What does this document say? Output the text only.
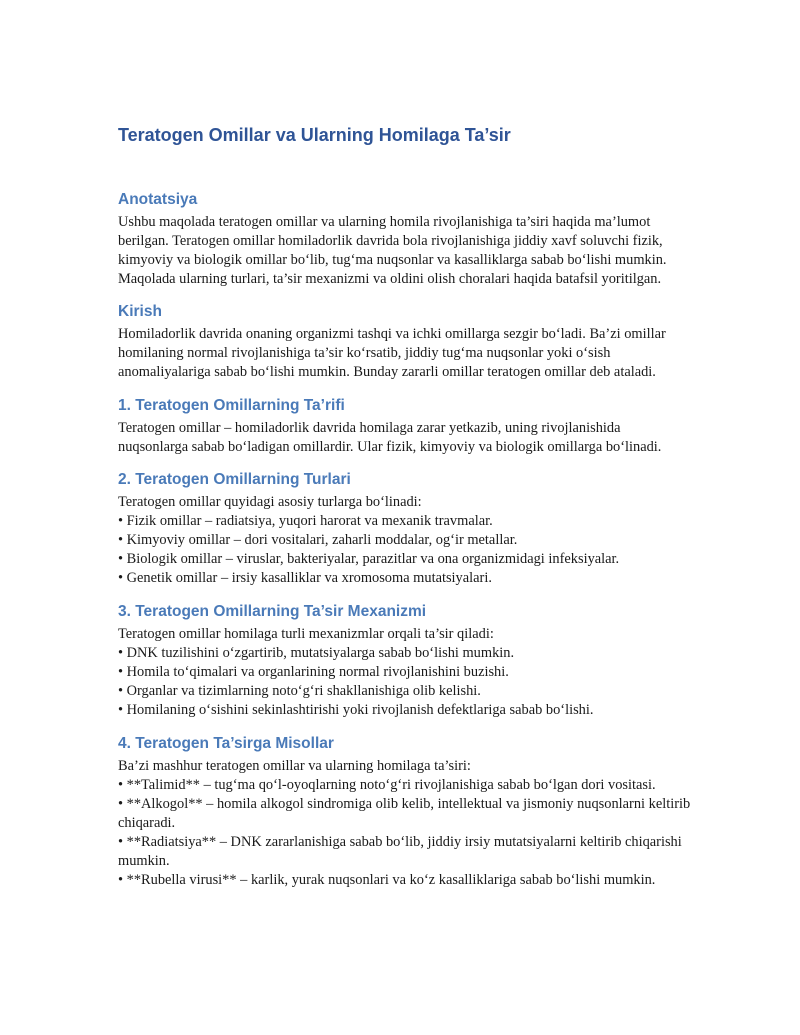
Teratogen Omillar va Ularning Homilaga Ta’sir
Anotatsiya

Ushbu maqolada teratogen omillar va ularning homila rivojlanishiga ta’siri haqida ma’lumot berilgan. Teratogen omillar homiladorlik davrida bola rivojlanishiga jiddiy xavf soluvchi fizik, kimyoviy va biologik omillar bo‘lib, tug‘ma nuqsonlar va kasalliklarga sabab bo‘lishi mumkin. Maqolada ularning turlari, ta’sir mexanizmi va oldini olish choralari haqida batafsil yoritilgan.

Kirish

Homiladorlik davrida onaning organizmi tashqi va ichki omillarga sezgir bo‘ladi. Ba’zi omillar homilaning normal rivojlanishiga ta’sir ko‘rsatib, jiddiy tug‘ma nuqsonlar yoki o‘sish anomaliyalariga sabab bo‘lishi mumkin. Bunday zararli omillar teratogen omillar deb ataladi.

1. Teratogen Omillarning Ta’rifi

Teratogen omillar – homiladorlik davrida homilaga zarar yetkazib, uning rivojlanishida nuqsonlarga sabab bo‘ladigan omillardir. Ular fizik, kimyoviy va biologik omillarga bo‘linadi.

2. Teratogen Omillarning Turlari

Teratogen omillar quyidagi asosiy turlarga bo‘linadi:

• Fizik omillar – radiatsiya, yuqori harorat va mexanik travmalar.
• Kimyoviy omillar – dori vositalari, zaharli moddalar, og‘ir metallar.
• Biologik omillar – viruslar, bakteriyalar, parazitlar va ona organizmidagi infeksiyalar.
• Genetik omillar – irsiy kasalliklar va xromosoma mutatsiyalari.
3. Teratogen Omillarning Ta’sir Mexanizmi

Teratogen omillar homilaga turli mexanizmlar orqali ta’sir qiladi:

• DNK tuzilishini o‘zgartirib, mutatsiyalarga sabab bo‘lishi mumkin.
• Homila to‘qimalari va organlarining normal rivojlanishini buzishi.
• Organlar va tizimlarning noto‘g‘ri shakllanishiga olib kelishi.
• Homilaning o‘sishini sekinlashtirishi yoki rivojlanish defektlariga sabab bo‘lishi.
4. Teratogen Ta’sirga Misollar

Ba’zi mashhur teratogen omillar va ularning homilaga ta’siri:

• **Talimid** – tug‘ma qo‘l-oyoqlarning noto‘g‘ri rivojlanishiga sabab bo‘lgan dori vositasi.
• **Alkogol** – homila alkogol sindromiga olib kelib, intellektual va jismoniy nuqsonlarni keltirib chiqaradi.
• **Radiatsiya** – DNK zararlanishiga sabab bo‘lib, jiddiy irsiy mutatsiyalarni keltirib chiqarishi mumkin.
• **Rubella virusi** – karlik, yurak nuqsonlari va ko‘z kasalliklariga sabab bo‘lishi mumkin.
